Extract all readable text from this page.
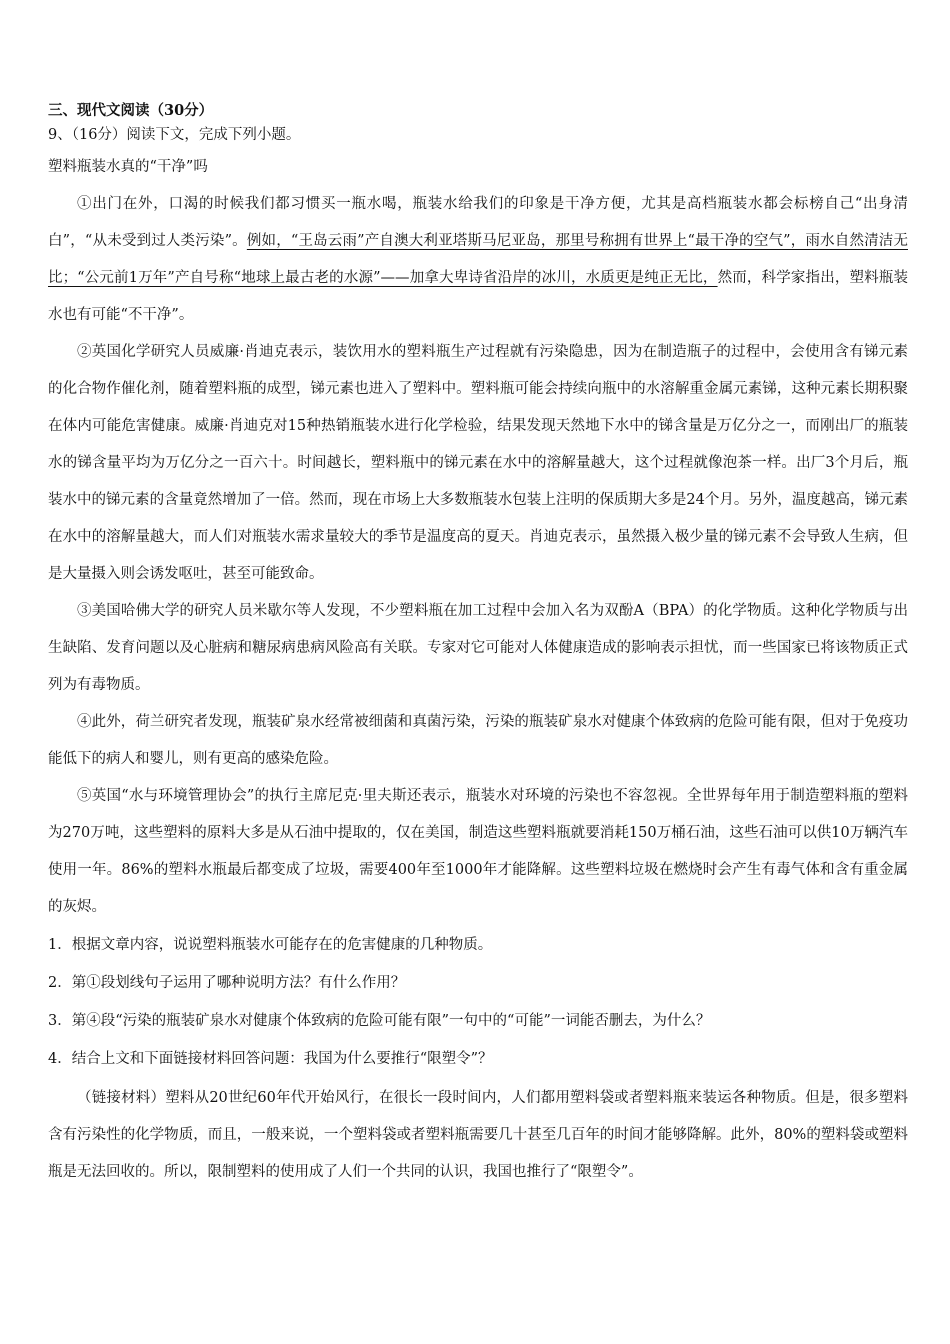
三、现代文阅读（30分）

9、（16分）阅读下文，完成下列小题。

塑料瓶装水真的“干净”吗

①出门在外，口渴的时候我们都习惯买一瓶水喝，瓶装水给我们的印象是干净方便，尤其是高档瓶装水都会标榜自己“出身清白”，“从未受到过人类污染”。例如，“王岛云雨”产自澳大利亚塔斯马尼亚岛，那里号称拥有世界上“最干净的空气”，雨水自然清洁无比；“公元前1万年”产自号称“地球上最古老的水源”——加拿大卑诗省沿岸的冰川，水质更是纯正无比，然而，科学家指出，塑料瓶装水也有可能“不干净”。

②英国化学研究人员威廉·肖迪克表示，装饮用水的塑料瓶生产过程就有污染隐患，因为在制造瓶子的过程中，会使用含有锑元素的化合物作催化剂，随着塑料瓶的成型，锑元素也进入了塑料中。塑料瓶可能会持续向瓶中的水溶解重金属元素锑，这种元素长期积聚在体内可能危害健康。威廉·肖迪克对15种热销瓶装水进行化学检验，结果发现天然地下水中的锑含量是万亿分之一，而刚出厂的瓶装水的锑含量平均为万亿分之一百六十。时间越长，塑料瓶中的锑元素在水中的溶解量越大，这个过程就像泡茶一样。出厂3个月后，瓶装水中的锑元素的含量竟然增加了一倍。然而，现在市场上大多数瓶装水包装上注明的保质期大多是24个月。另外，温度越高，锑元素在水中的溶解量越大，而人们对瓶装水需求量较大的季节是温度高的夏天。肖迪克表示，虽然摄入极少量的锑元素不会导致人生病，但是大量摄入则会诱发呕吐，甚至可能致命。

③美国哈佛大学的研究人员米歇尔等人发现，不少塑料瓶在加工过程中会加入名为双酚A（BPA）的化学物质。这种化学物质与出生缺陷、发育问题以及心脏病和糖尿病患病风险高有关联。专家对它可能对人体健康造成的影响表示担忧，而一些国家已将该物质正式列为有毒物质。

④此外，荷兰研究者发现，瓶装矿泉水经常被细菌和真菌污染，污染的瓶装矿泉水对健康个体致病的危险可能有限，但对于免疫功能低下的病人和婴儿，则有更高的感染危险。

⑤英国“水与环境管理协会”的执行主席尼克·里夫斯还表示，瓶装水对环境的污染也不容忽视。全世界每年用于制造塑料瓶的塑料为270万吨，这些塑料的原料大多是从石油中提取的，仅在美国，制造这些塑料瓶就要消耗150万桶石油，这些石油可以供10万辆汽车使用一年。86%的塑料水瓶最后都变成了垃圾，需要400年至1000年才能降解。这些塑料垃圾在燃烧时会产生有毒气体和含有重金属的灰烬。

1．根据文章内容，说说塑料瓶装水可能存在的危害健康的几种物质。

2．第①段划线句子运用了哪种说明方法？有什么作用？

3．第④段“污染的瓶装矿泉水对健康个体致病的危险可能有限”一句中的“可能”一词能否删去，为什么？

4．结合上文和下面链接材料回答问题：我国为什么要推行“限塑令”？

（链接材料）塑料从20世纪60年代开始风行，在很长一段时间内，人们都用塑料袋或者塑料瓶来装运各种物质。但是，很多塑料含有污染性的化学物质，而且，一般来说，一个塑料袋或者塑料瓶需要几十甚至几百年的时间才能够降解。此外，80%的塑料袋或塑料瓶是无法回收的。所以，限制塑料的使用成了人们一个共同的认识，我国也推行了“限塑令”。
